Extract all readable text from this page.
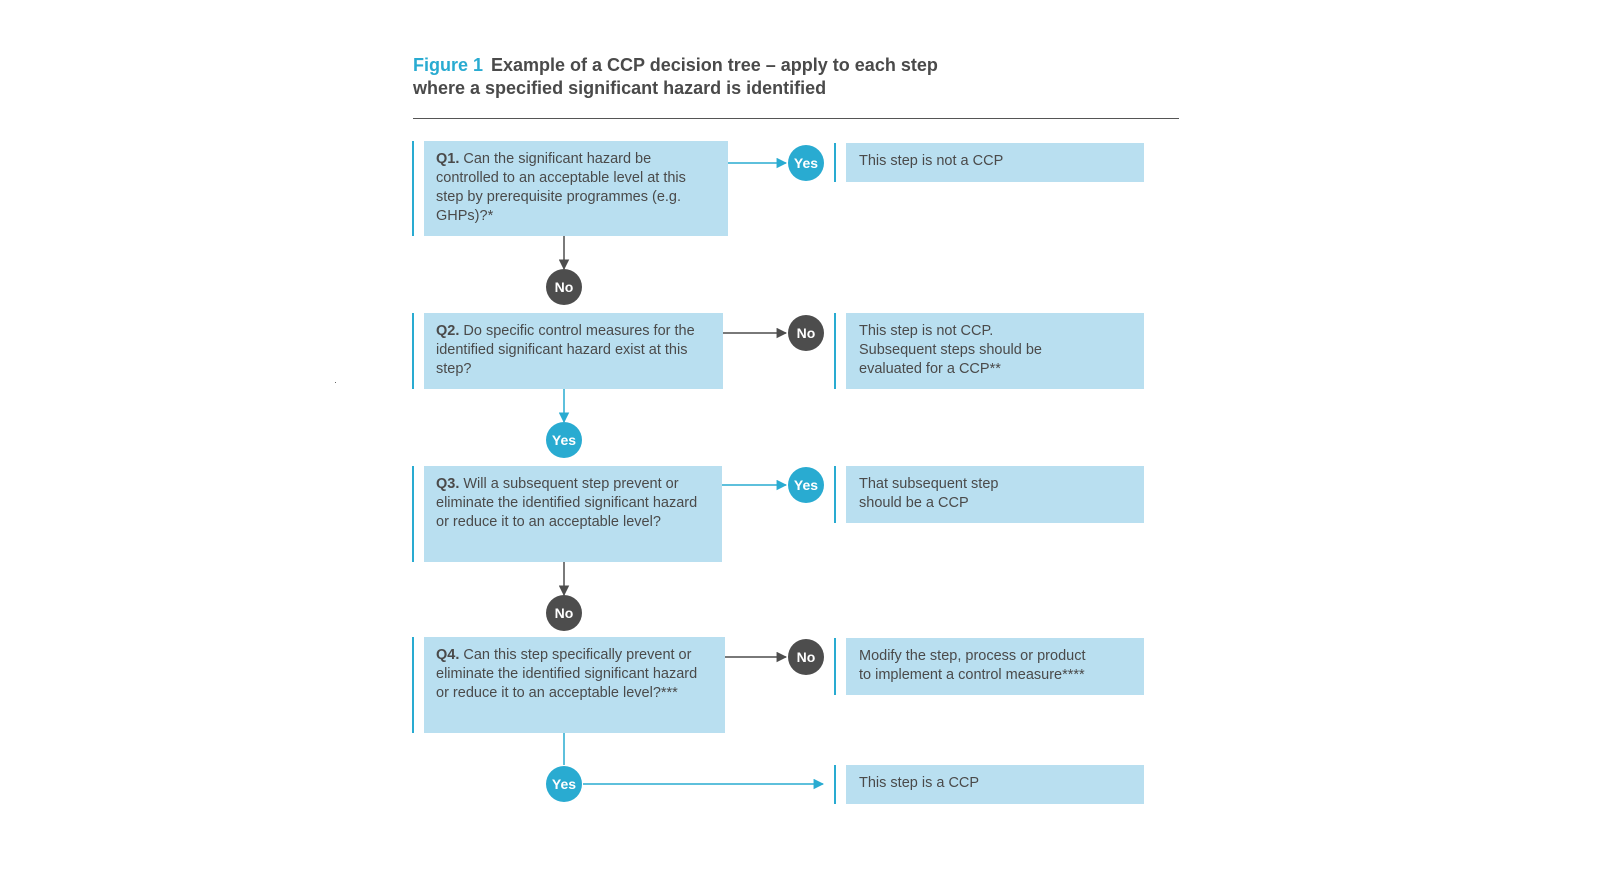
Figure 1 Example of a CCP decision tree – apply to each step
where a specified significant hazard is identified
Q1. Can the significant hazard be controlled to an acceptable level at this step by prerequisite programmes (e.g. GHPs)?*
Q2. Do specific control measures for the identified significant hazard exist at this step?
Q3. Will a subsequent step prevent or eliminate the identified significant hazard or reduce it to an acceptable level?
Q4. Can this step specifically prevent or eliminate the identified significant hazard or reduce it to an acceptable level?***
Yes
No
No
Yes
Yes
No
No
Yes
This step is not a CCP
This step is not CCP.
Subsequent steps should be
evaluated for a CCP**
That subsequent step
should be a CCP
Modify the step, process or product
to implement a control measure****
This step is a CCP
